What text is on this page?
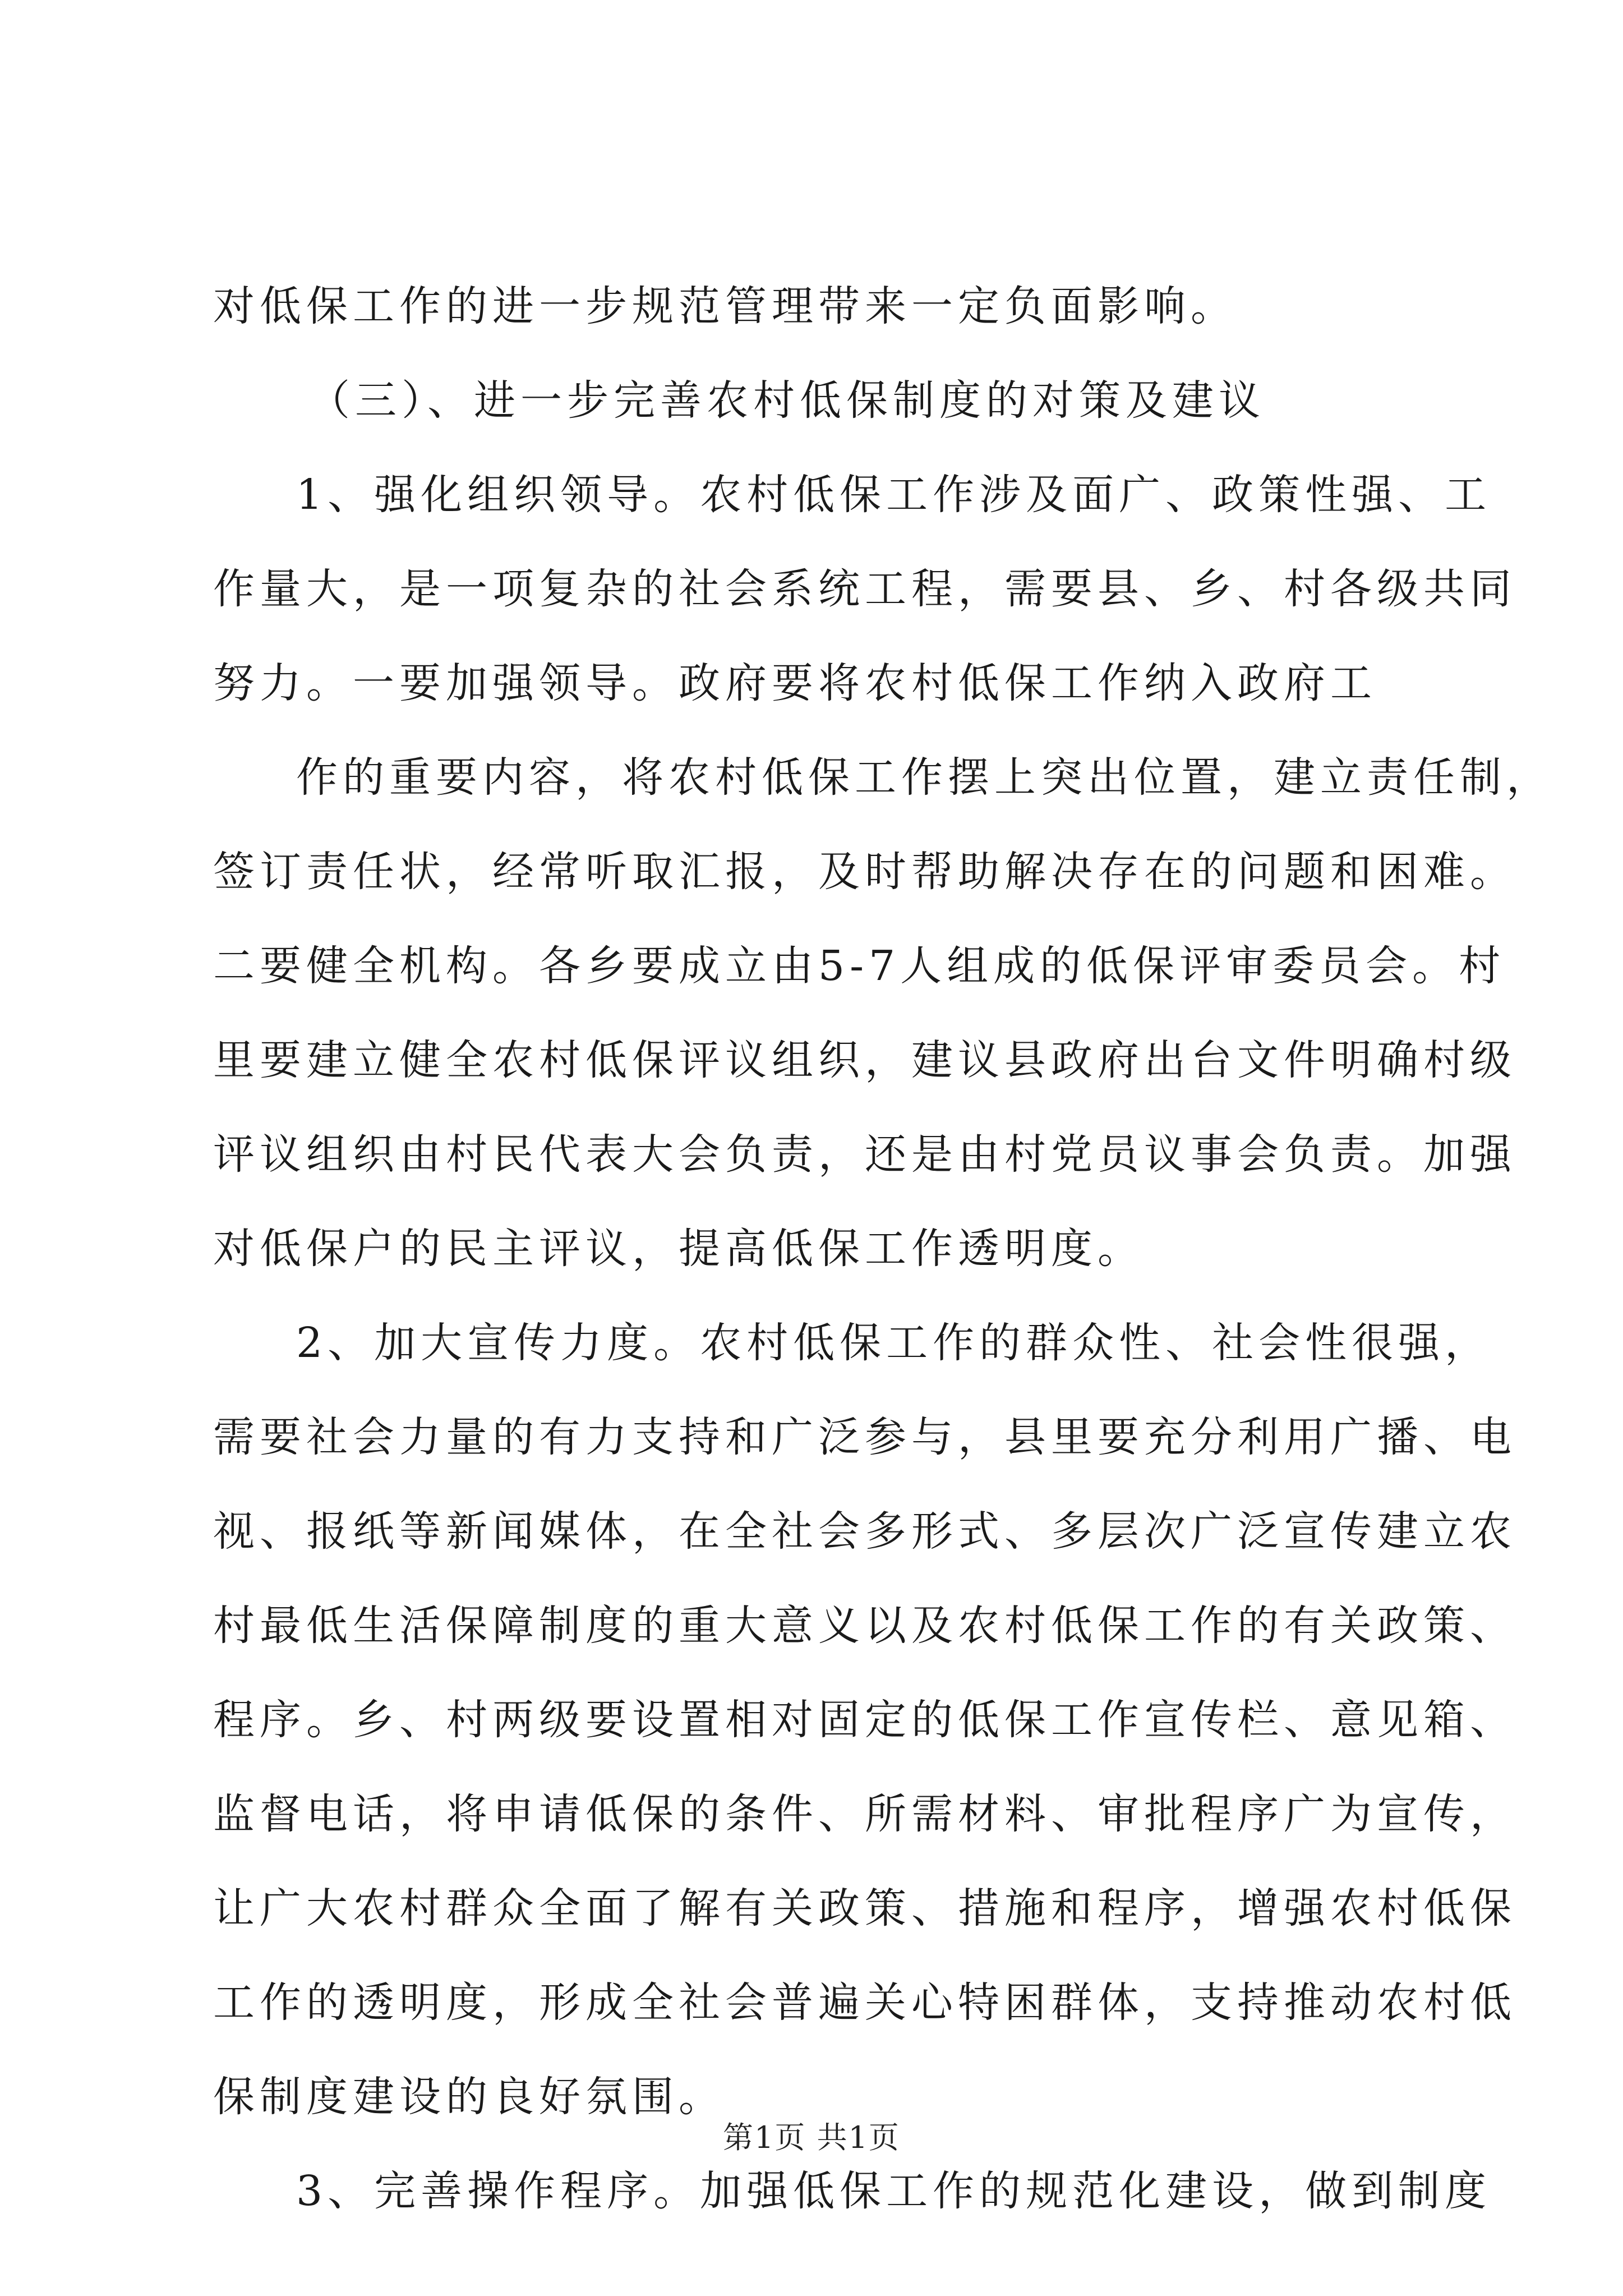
对低保工作的进一步规范管理带来一定负面影响。
（三）、进一步完善农村低保制度的对策及建议
1、强化组织领导。农村低保工作涉及面广、政策性强、工
作量大，是一项复杂的社会系统工程，需要县、乡、村各级共同
努力。一要加强领导。政府要将农村低保工作纳入政府工
作的重要内容，将农村低保工作摆上突出位置，建立责任制，
签订责任状，经常听取汇报，及时帮助解决存在的问题和困难。
二要健全机构。各乡要成立由5-7人组成的低保评审委员会。村
里要建立健全农村低保评议组织，建议县政府出台文件明确村级
评议组织由村民代表大会负责，还是由村党员议事会负责。加强
对低保户的民主评议，提高低保工作透明度。
2、加大宣传力度。农村低保工作的群众性、社会性很强，
需要社会力量的有力支持和广泛参与，县里要充分利用广播、电
视、报纸等新闻媒体，在全社会多形式、多层次广泛宣传建立农
村最低生活保障制度的重大意义以及农村低保工作的有关政策、
程序。乡、村两级要设置相对固定的低保工作宣传栏、意见箱、
监督电话，将申请低保的条件、所需材料、审批程序广为宣传，
让广大农村群众全面了解有关政策、措施和程序，增强农村低保
工作的透明度，形成全社会普遍关心特困群体，支持推动农村低
保制度建设的良好氛围。
3、完善操作程序。加强低保工作的规范化建设，做到制度
第1页 共1页
